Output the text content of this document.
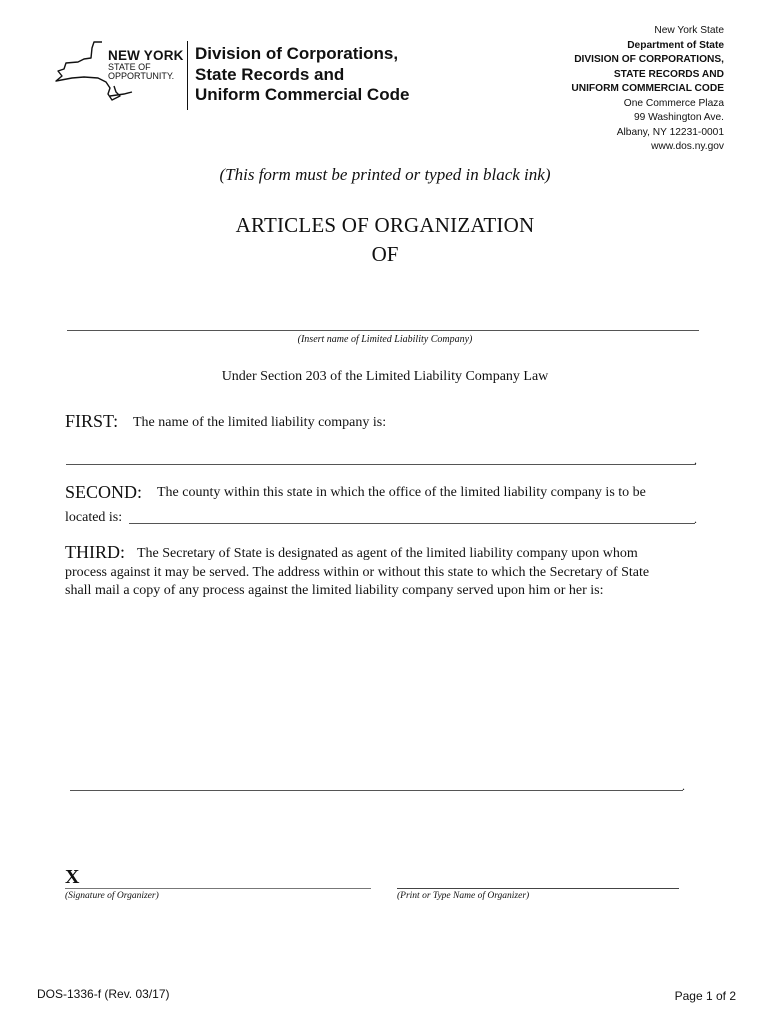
NEW YORK
STATE OF
OPPORTUNITY.
Division of Corporations,
State Records and
Uniform Commercial Code
New York State
Department of State
DIVISION OF CORPORATIONS,
STATE RECORDS AND
UNIFORM COMMERCIAL CODE
One Commerce Plaza
99 Washington Ave.
Albany, NY 12231-0001
www.dos.ny.gov
(This form must be printed or typed in black ink)
ARTICLES OF ORGANIZATION
OF
(Insert name of Limited Liability Company)
Under Section 203 of the Limited Liability Company Law
FIRST: The name of the limited liability company is:
.
SECOND: The county within this state in which the office of the limited liability company is to be
located is:	.
THIRD: The Secretary of State is designated as agent of the limited liability company upon whom
process against it may be served. The address within or without this state to which the Secretary of State
shall mail a copy of any process against the limited liability company served upon him or her is:
.
X
(Signature of Organizer)	(Print or Type Name of Organizer)
DOS-1336-f (Rev. 03/17)	Page 1 of 2
